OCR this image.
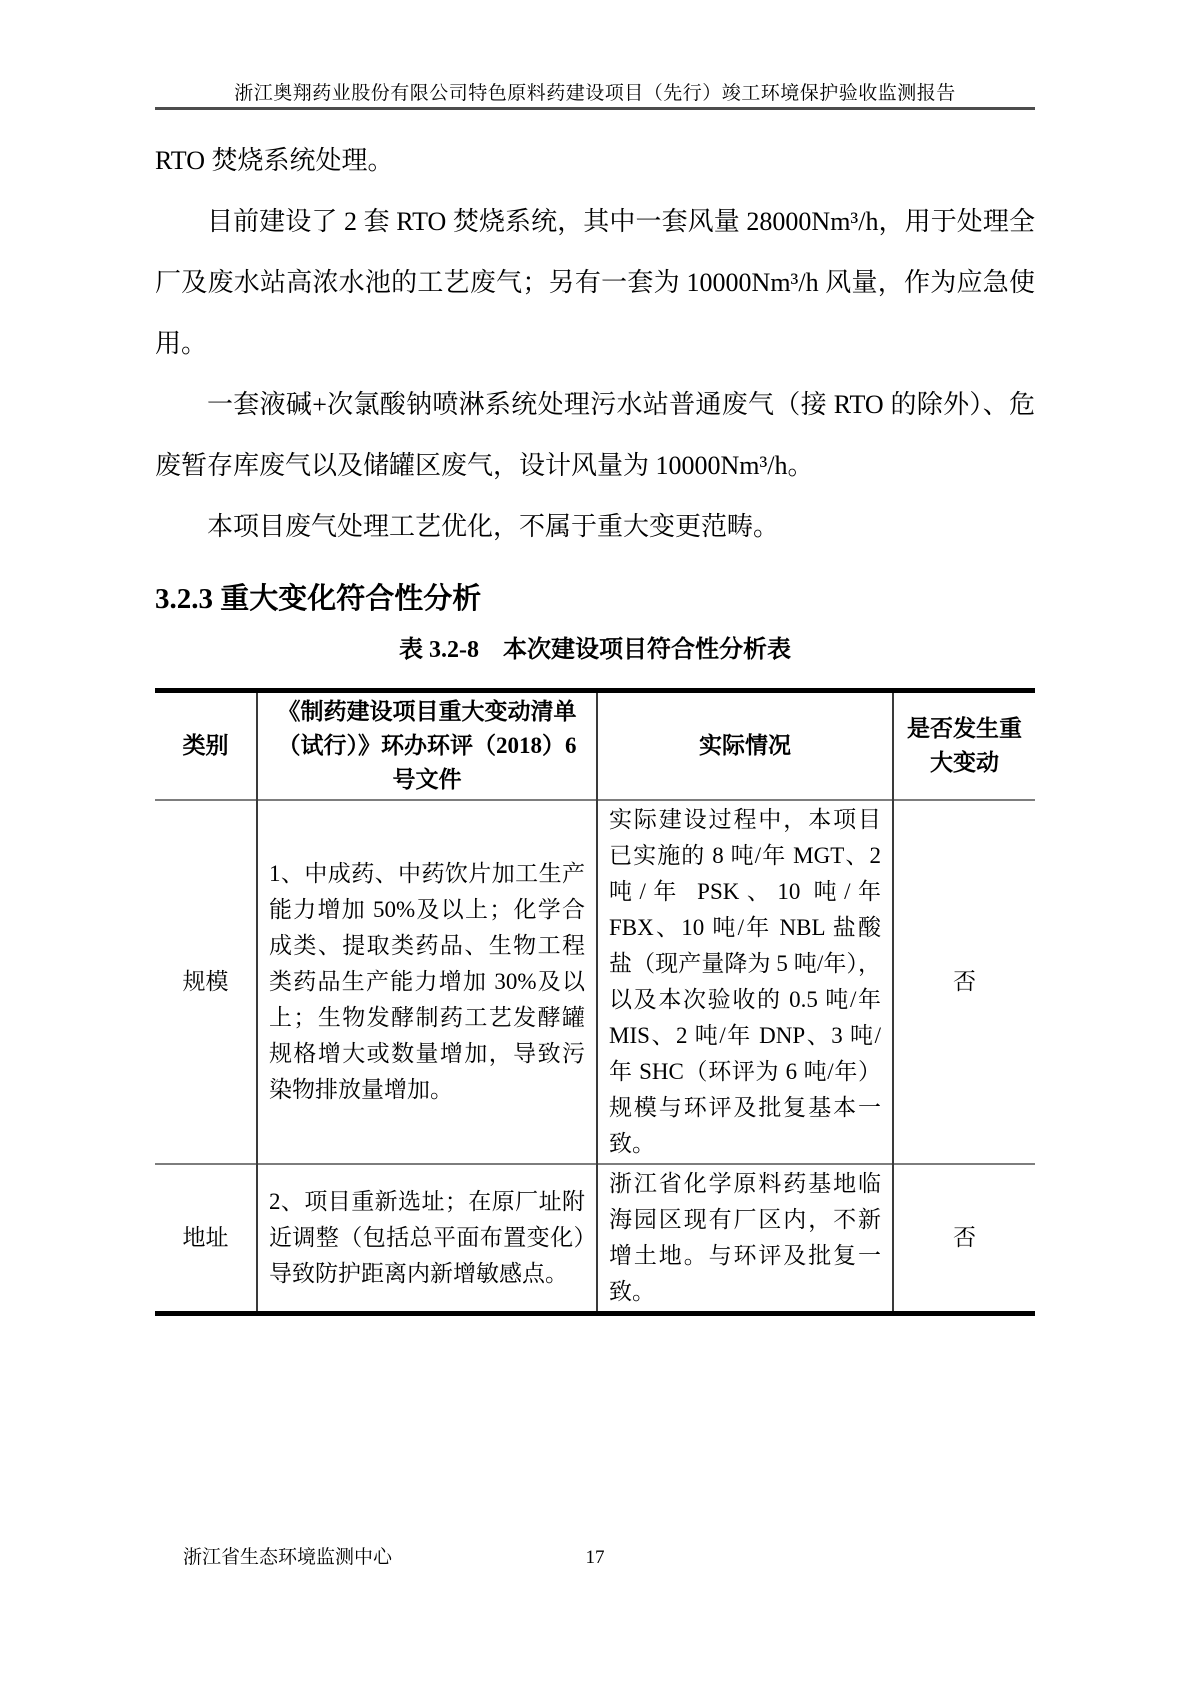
浙江奥翔药业股份有限公司特色原料药建设项目（先行）竣工环境保护验收监测报告

RTO 焚烧系统处理。

目前建设了 2 套 RTO 焚烧系统，其中一套风量 28000Nm³/h，用于处理全厂及废水站高浓水池的工艺废气；另有一套为 10000Nm³/h 风量，作为应急使用。

一套液碱+次氯酸钠喷淋系统处理污水站普通废气（接 RTO 的除外）、危废暂存库废气以及储罐区废气，设计风量为 10000Nm³/h。

本项目废气处理工艺优化，不属于重大变更范畴。

3.2.3 重大变化符合性分析
表 3.2-8　本次建设项目符合性分析表
类别	《制药建设项目重大变动清单（试行）》环办环评（2018）6 号文件	实际情况	是否发生重大变动
规模	1、中成药、中药饮片加工生产能力增加 50%及以上；化学合成类、提取类药品、生物工程类药品生产能力增加 30%及以上；生物发酵制药工艺发酵罐规格增大或数量增加，导致污染物排放量增加。	实际建设过程中，本项目已实施的 8 吨/年 MGT、2 吨/年 PSK、10 吨/年 FBX、10 吨/年 NBL 盐酸盐（现产量降为 5 吨/年），以及本次验收的 0.5 吨/年 MIS、2 吨/年 DNP、3 吨/年 SHC（环评为 6 吨/年）规模与环评及批复基本一致。	否
地址	2、项目重新选址；在原厂址附近调整（包括总平面布置变化）导致防护距离内新增敏感点。	浙江省化学原料药基地临海园区现有厂区内，不新增土地。与环评及批复一致。	否
17
浙江省生态环境监测中心
